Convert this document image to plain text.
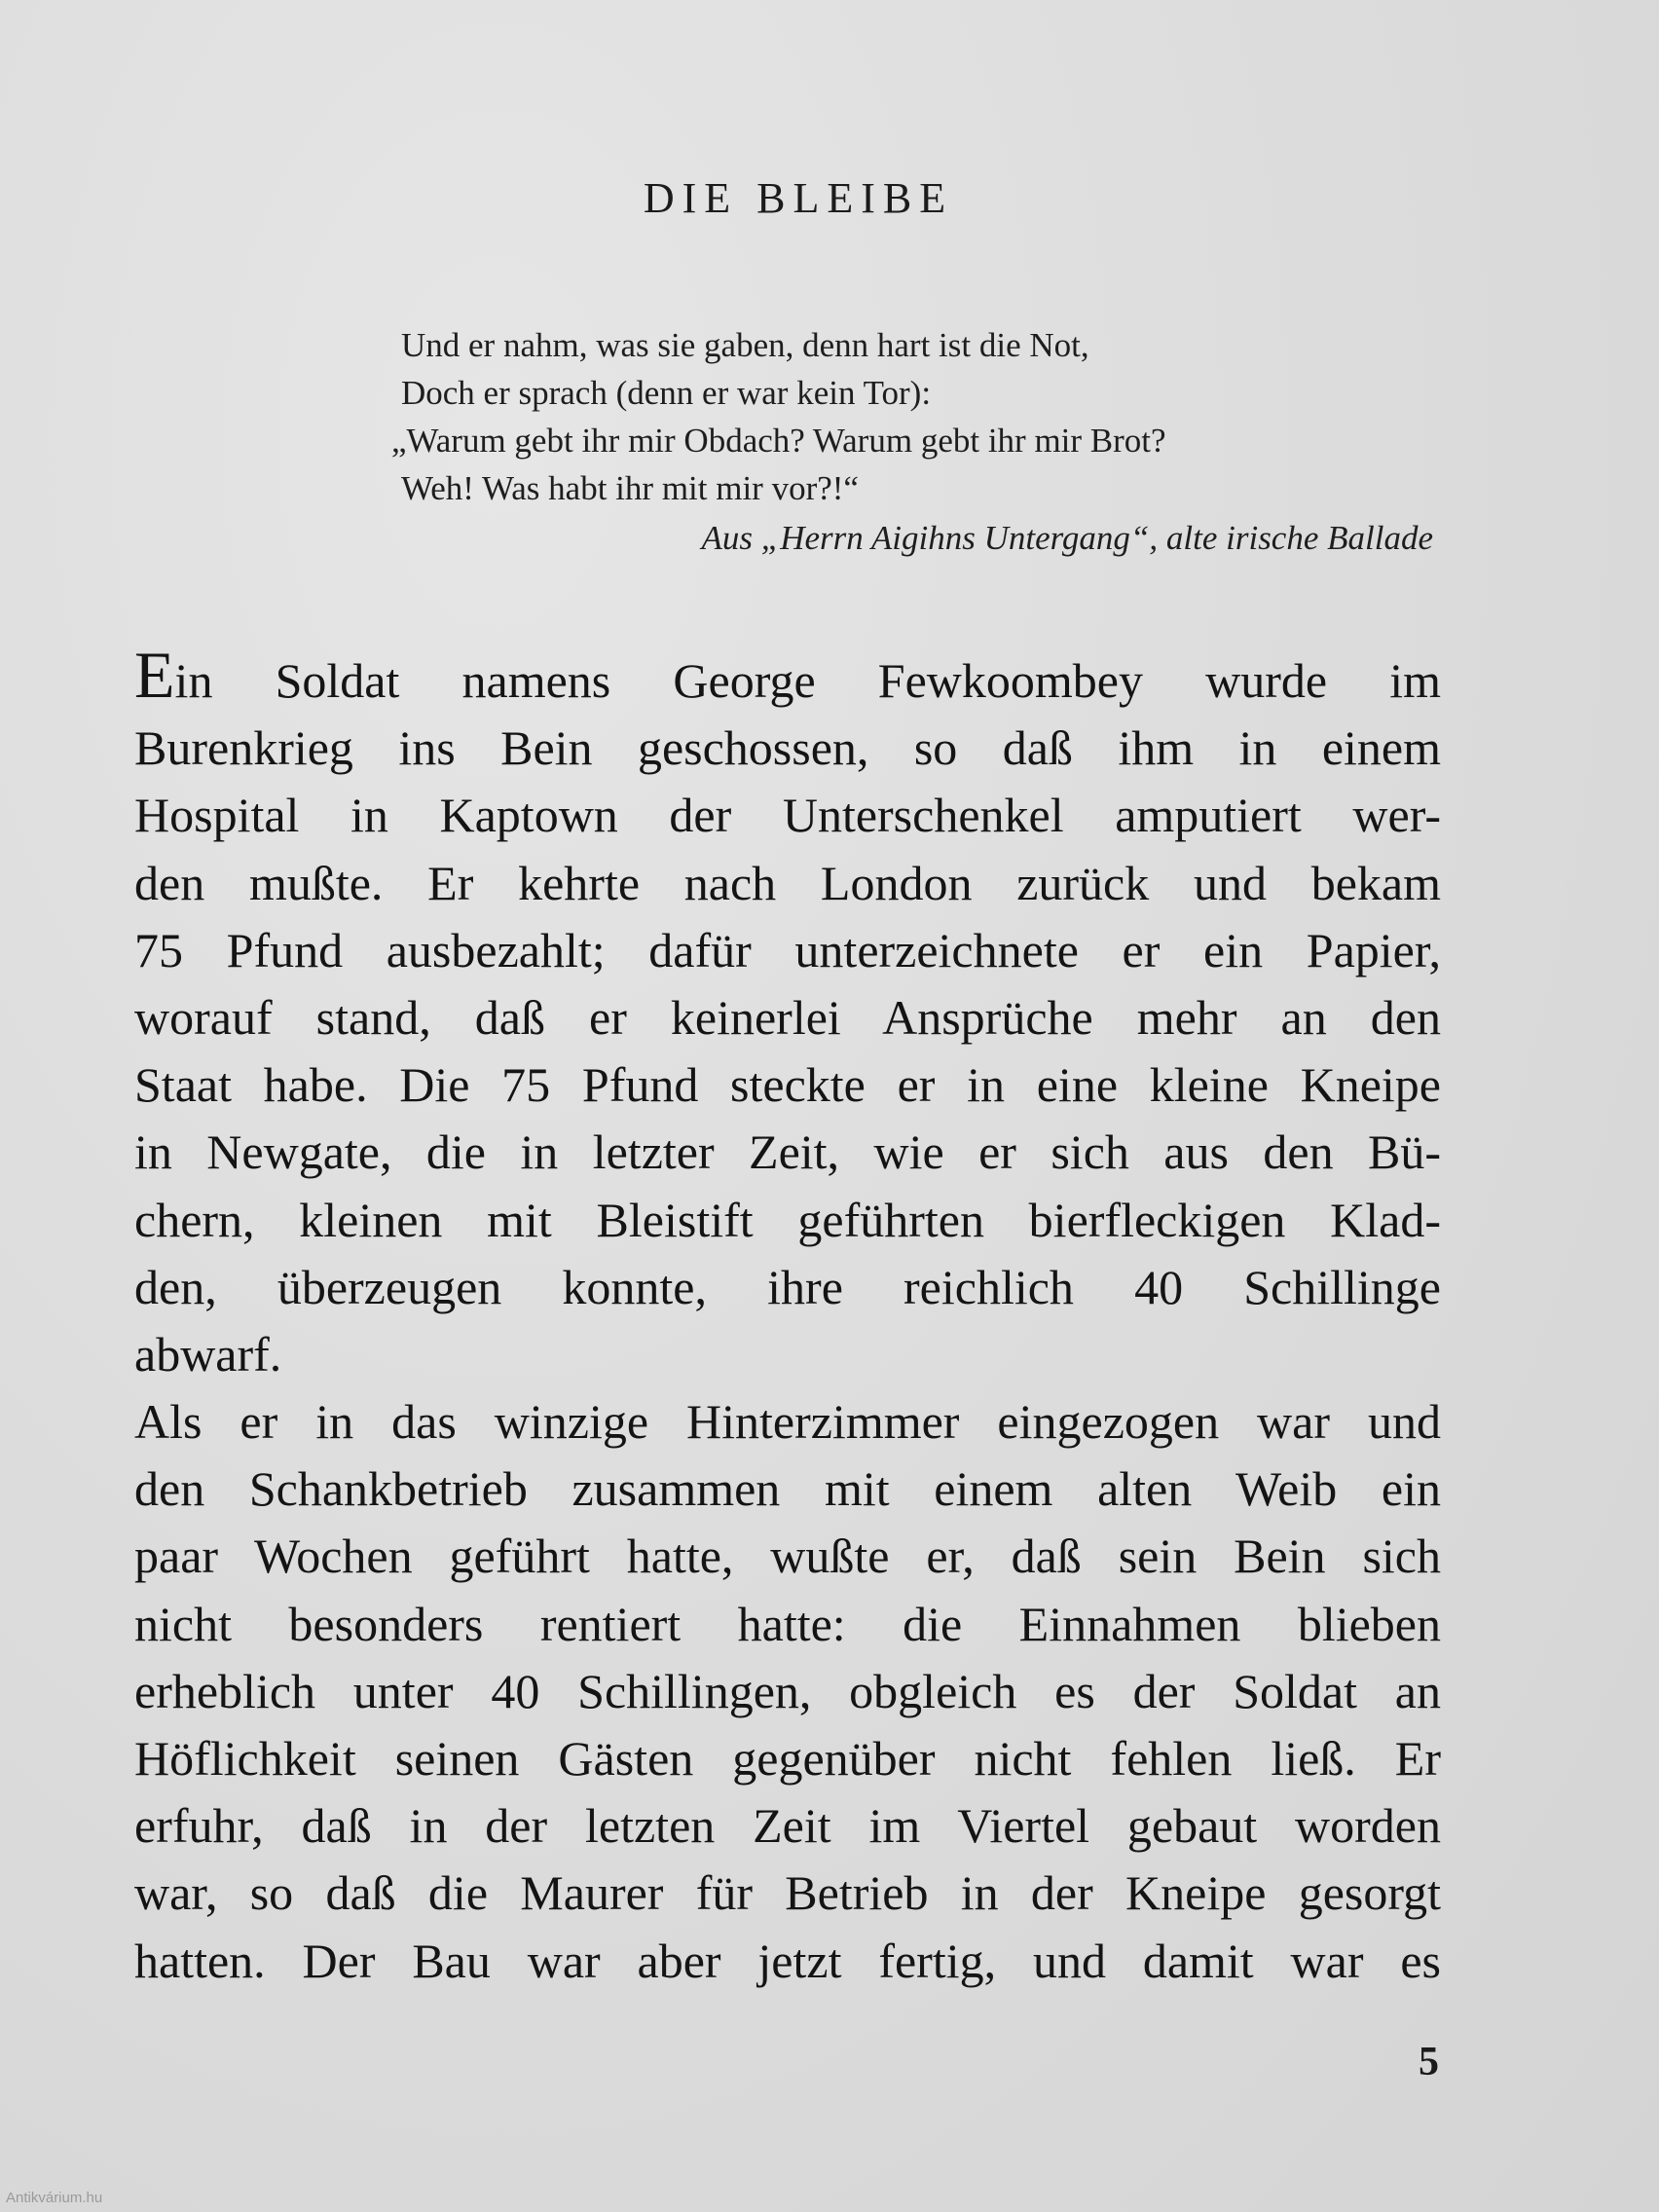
DIE BLEIBE
Und er nahm, was sie gaben, denn hart ist die Not,
Doch er sprach (denn er war kein Tor):
„Warum gebt ihr mir Obdach? Warum gebt ihr mir Brot?
Weh! Was habt ihr mit mir vor?!“
Aus „Herrn Aigihns Untergang“, alte irische Ballade
Ein Soldat namens George Fewkoombey wurde im
Burenkrieg ins Bein geschossen, so daß ihm in einem
Hospital in Kaptown der Unterschenkel amputiert wer-
den mußte. Er kehrte nach London zurück und bekam
75 Pfund ausbezahlt; dafür unterzeichnete er ein Papier,
worauf stand, daß er keinerlei Ansprüche mehr an den
Staat habe. Die 75 Pfund steckte er in eine kleine Kneipe
in Newgate, die in letzter Zeit, wie er sich aus den Bü-
chern, kleinen mit Bleistift geführten bierfleckigen Klad-
den, überzeugen konnte, ihre reichlich 40 Schillinge
abwarf.
Als er in das winzige Hinterzimmer eingezogen war und
den Schankbetrieb zusammen mit einem alten Weib ein
paar Wochen geführt hatte, wußte er, daß sein Bein sich
nicht besonders rentiert hatte: die Einnahmen blieben
erheblich unter 40 Schillingen, obgleich es der Soldat an
Höflichkeit seinen Gästen gegenüber nicht fehlen ließ. Er
erfuhr, daß in der letzten Zeit im Viertel gebaut worden
war, so daß die Maurer für Betrieb in der Kneipe gesorgt
hatten. Der Bau war aber jetzt fertig, und damit war es
5
Antikvárium.hu
